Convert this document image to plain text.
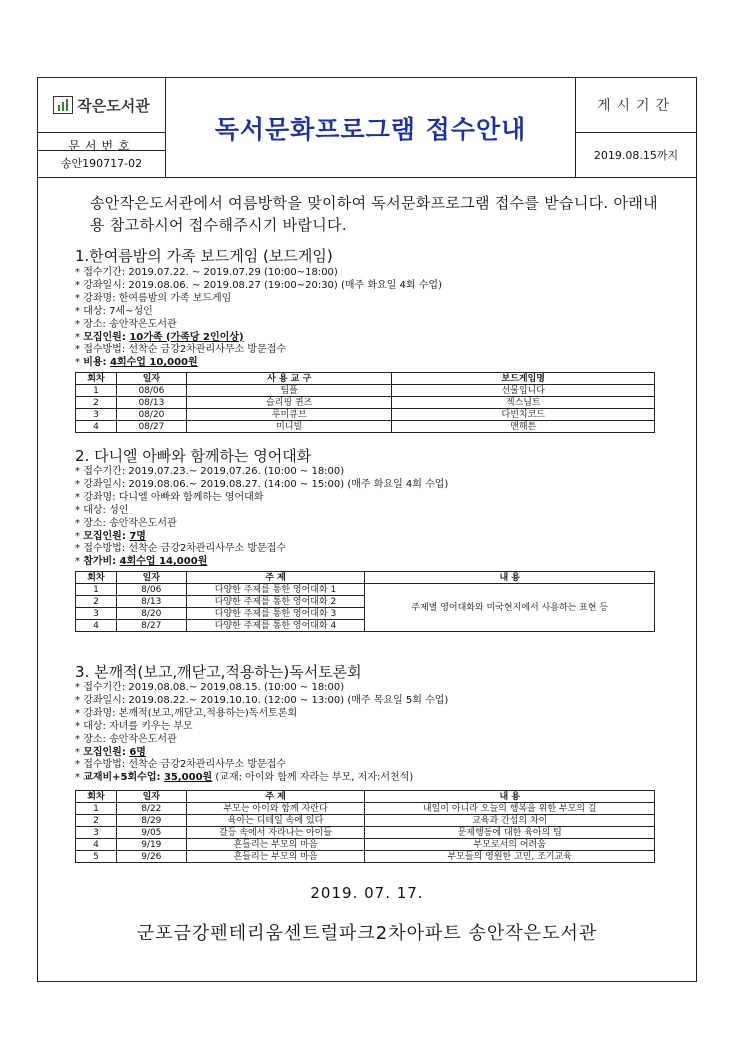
작은도서관
문서번호
송안190717-02
독서문화프로그램 접수안내
게시기간
2019.08.15까지
송안작은도서관에서 여름방학을 맞이하여 독서문화프로그램 접수를 받습니다. 아래내용 참고하시어 접수해주시기 바랍니다.
1.한여름밤의 가족 보드게임 (보드게임)
* 접수기간: 2019.07.22. ~ 2019.07.29 (10:00~18:00)
* 강좌일시: 2019.08.06. ~ 2019.08.27 (19:00~20:30) (매주 화요일 4회 수업)
* 강좌명: 한여름밤의 가족 보드게임
* 대상: 7세~성인
* 장소: 송안작은도서관
* 모집인원: 10가족 (가족당 2인이상)
* 접수방법: 선착순 금강2차관리사무소 방문접수
* 비용: 4회수업 10,000원
회차	일자	사 용 교 구	보드게임명
1	08/06	팀플	선물입니다
2	08/13	슬리핑 퀸즈	젝스님트
3	08/20	루미큐브	다빈치코드
4	08/27	미니빌	맨해튼
2. 다니엘 아빠와 함께하는 영어대화
* 접수기간: 2019.07.23.~ 2019.07.26. (10:00 ~ 18:00)
* 강좌일시: 2019.08.06.~ 2019.08.27. (14:00 ~ 15:00) (매주 화요일 4회 수업)
* 강좌명: 다니엘 아빠와 함께하는 영어대화
* 대상: 성인
* 장소: 송안작은도서관
* 모집인원: 7명
* 접수방법: 선착순 금강2차관리사무소 방문접수
* 참가비: 4회수업 14,000원
회차	일자	주 제	내 용
1	8/06	다양한 주제를 통한 영어대화 1	주제별 영어대화와 미국현지에서 사용하는 표현 등
2	8/13	다양한 주제를 통한 영어대화 2	
3	8/20	다양한 주제를 통한 영어대화 3	
4	8/27	다양한 주제를 통한 영어대화 4	
3. 본깨적(보고,깨닫고,적용하는)독서토론회
* 접수기간: 2019.08.08.~ 2019.08.15. (10:00 ~ 18:00)
* 강좌일시: 2019.08.22.~ 2019.10.10. (12:00 ~ 13:00) (매주 목요일 5회 수업)
* 강좌명: 본깨적(보고,깨닫고,적용하는)독서토론회
* 대상: 자녀를 키우는 부모
* 장소: 송안작은도서관
* 모집인원: 6명
* 접수방법: 선착순 금강2차관리사무소 방문접수
* 교재비+5회수업: 35,000원 (교재: 아이와 함께 자라는 부모, 저자:서천석)
회차	일자	주 제	내 용
1	8/22	부모는 아이와 함께 자란다	내일이 아니라 오늘의 행복을 위한 부모의 길
2	8/29	육아는 디테일 속에 있다	교육과 간섭의 차이
3	9/05	갈등 속에서 자라나는 아이들	문제행동에 대한 육아의 팁
4	9/19	흔들리는 부모의 마음	부모로서의 어려움
5	9/26	흔들리는 부모의 마음	부모들의 영원한 고민, 조기교육
2019. 07. 17.
군포금강펜테리움센트럴파크2차아파트 송안작은도서관
